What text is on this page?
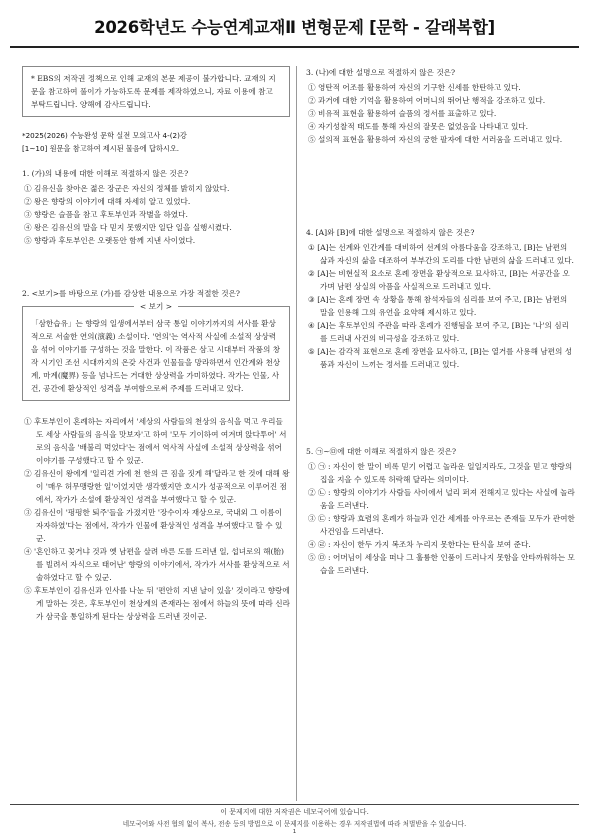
2026학년도 수능연계교재Ⅱ 변형문제 [문학 - 갈래복합]

* EBS의 저작권 정책으로 인해 교재의 본문 제공이 불가합니다. 교재의 지문을 참고하여 풀이가 가능하도록 문제를 제작하였으니, 자료 이용에 참고 부탁드립니다. 양해에 감사드립니다.

*2025(2026) 수능완성 문학 실전 모의고사 4-(2)강

[1~10] 원문을 참고하여 제시된 물음에 답하시오.

1. (가)의 내용에 대한 이해로 적절하지 않은 것은?

① 김유신을 찾아온 젊은 장군은 자신의 정체를 밝히지 않았다.

② 왕은 향랑의 이야기에 대해 자세히 알고 있었다.

③ 향랑은 슬픔을 참고 후토부인과 작별을 하였다.

④ 왕은 김유신의 말을 다 믿지 못했지만 일단 일을 실행시켰다.

⑤ 향랑과 후토부인은 오랫동안 함께 지낸 사이였다.

2. <보기>를 바탕으로 (가)를 감상한 내용으로 가장 적절한 것은?

< 보기 >

「삼한습유」는 향랑의 일생에서부터 삼국 통일 이야기까지의 서사를 환상적으로 서술한 연의(演義) 소설이다. '연의'는 역사적 사실에 소설적 상상력을 섞어 이야기를 구성하는 것을 말한다. 이 작품은 삼고 시대부터 작품의 창작 시기인 조선 시대까지의 온갖 사건과 인물들을 망라하면서 인간계와 천상계, 마계(魔界) 등을 넘나드는 거대한 상상력을 가미하였다. 작가는 인물, 사건, 공간에 환상적인 성격을 부여함으로써 주제를 드러내고 있다.

① 후토부인이 혼례하는 자리에서 '세상의 사람들의 천상의 음식을 먹고 우리들도 세상 사람들의 음식을 맛보자'고 하여 '모두 기이하여 여겨며 앉다투어' 서로의 음식을 '배불리 먹었다'는 점에서 역사적 사실에 소설적 상상력을 섞어 이야기를 구성했다고 할 수 있군.

② 김유신이 왕에게 '일리견 가에 천 한의 큰 짐을 짓게 해'달라고 한 것에 대해 왕이 '매우 허무맹랑한 일'이었지만 생각했지만 호시가 성공적으로 이루어진 점에서, 작가가 소설에 환상적인 성격을 부여했다고 할 수 있군.

③ 김유신이 '펑펑한 퇴주'들을 가졌지만 '장수이자 재상으로, 국내외 그 이름이 자자하였'다는 점에서, 작가가 인물에 환상적인 성격을 부여했다고 할 수 있군.

④ '혼인하고 꽃거냐 것과 옛 남편을 살려 바른 도를 드러낸 일, 섭녀로의 해(胎)를 빌려서 자식으로 태어난' 향랑의 이야기에서, 작가가 서사를 환상적으로 서술하였다고 할 수 있군.

⑤ 후토부인이 김유신과 인사를 나눈 뒤 '편안히 지낸 날이 있을' 것이라고 향랑에게 말하는 것은, 후토부인이 천상계의 존재라는 점에서 하늘의 뜻에 따라 신라가 삼국을 통일하게 된다는 상상력을 드러낸 것이군.

3. (나)에 대한 설명으로 적절하지 않은 것은?

① 영탄적 어조를 활용하여 자신의 기구한 신세를 한탄하고 있다.

② 과거에 대한 기억을 활용하여 어머니의 뛰어난 행적을 강조하고 있다.

③ 비유적 표현을 활용하여 슬픔의 정서를 표출하고 있다.

④ 자기성찰적 태도를 통해 자신의 잘못은 없었음을 나타내고 있다.

⑤ 설의적 표현을 활용하여 자신의 궁한 팔자에 대한 서러움을 드러내고 있다.

4. [A]와 [B]에 대한 설명으로 적절하지 않은 것은?

① [A]는 선계와 인간계를 대비하여 선계의 아름다움을 강조하고, [B]는 남편의 삶과 자신의 삶을 대조하여 부부간의 도리를 다한 남편의 삶을 드러내고 있다.

② [A]는 비현실적 요소로 혼례 장면을 환상적으로 묘사하고, [B]는 서공간을 오가며 남편 상실의 아픔을 사실적으로 드러내고 있다.

③ [A]는 혼례 장면 속 상황을 통해 참석자들의 심리를 보여 주고, [B]는 남편의 말을 인용해 그의 유언을 요약해 제시하고 있다.

④ [A]는 후토부인의 주관을 따라 혼례가 진행됨을 보여 주고, [B]는 '나'의 심리를 드러내 사건의 비극성을 강조하고 있다.

⑤ [A]는 감각적 표현으로 혼례 장면을 묘사하고, [B]는 열거를 사용해 남편의 성품과 자신이 느끼는 정서를 드러내고 있다.

5. ㉠~㉤에 대한 이해로 적절하지 않은 것은?

① ㉠ : 자신이 한 말이 비록 믿기 어렵고 놀라운 일일지라도, 그것을 믿고 향랑의 집을 지을 수 있도록 허락해 달라는 의미이다.

② ㉡ : 향랑의 이야기가 사람들 사이에서 널리 퍼져 전해지고 있다는 사실에 놀라움을 드러낸다.

③ ㉢ : 향랑과 효렴의 혼례가 하늘과 인간 세계를 아우르는 존재들 모두가 관여한 사건임을 드러낸다.

④ ㉣ : 자신이 한두 가지 복조차 누리지 못한다는 탄식을 보여 준다.

⑤ ㉤ : 어머님이 세상을 떠나 그 훌륭한 인품이 드러나지 못함을 안타까워하는 모습을 드러낸다.

이 문제지에 대한 저작권은 네모국어에 있습니다.
네모국어와 사전 협의 없이 복사, 전송 등의 방법으로 이 문제지를 이용하는 경우 저작권법에 따라 처벌받을 수 있습니다.
1
